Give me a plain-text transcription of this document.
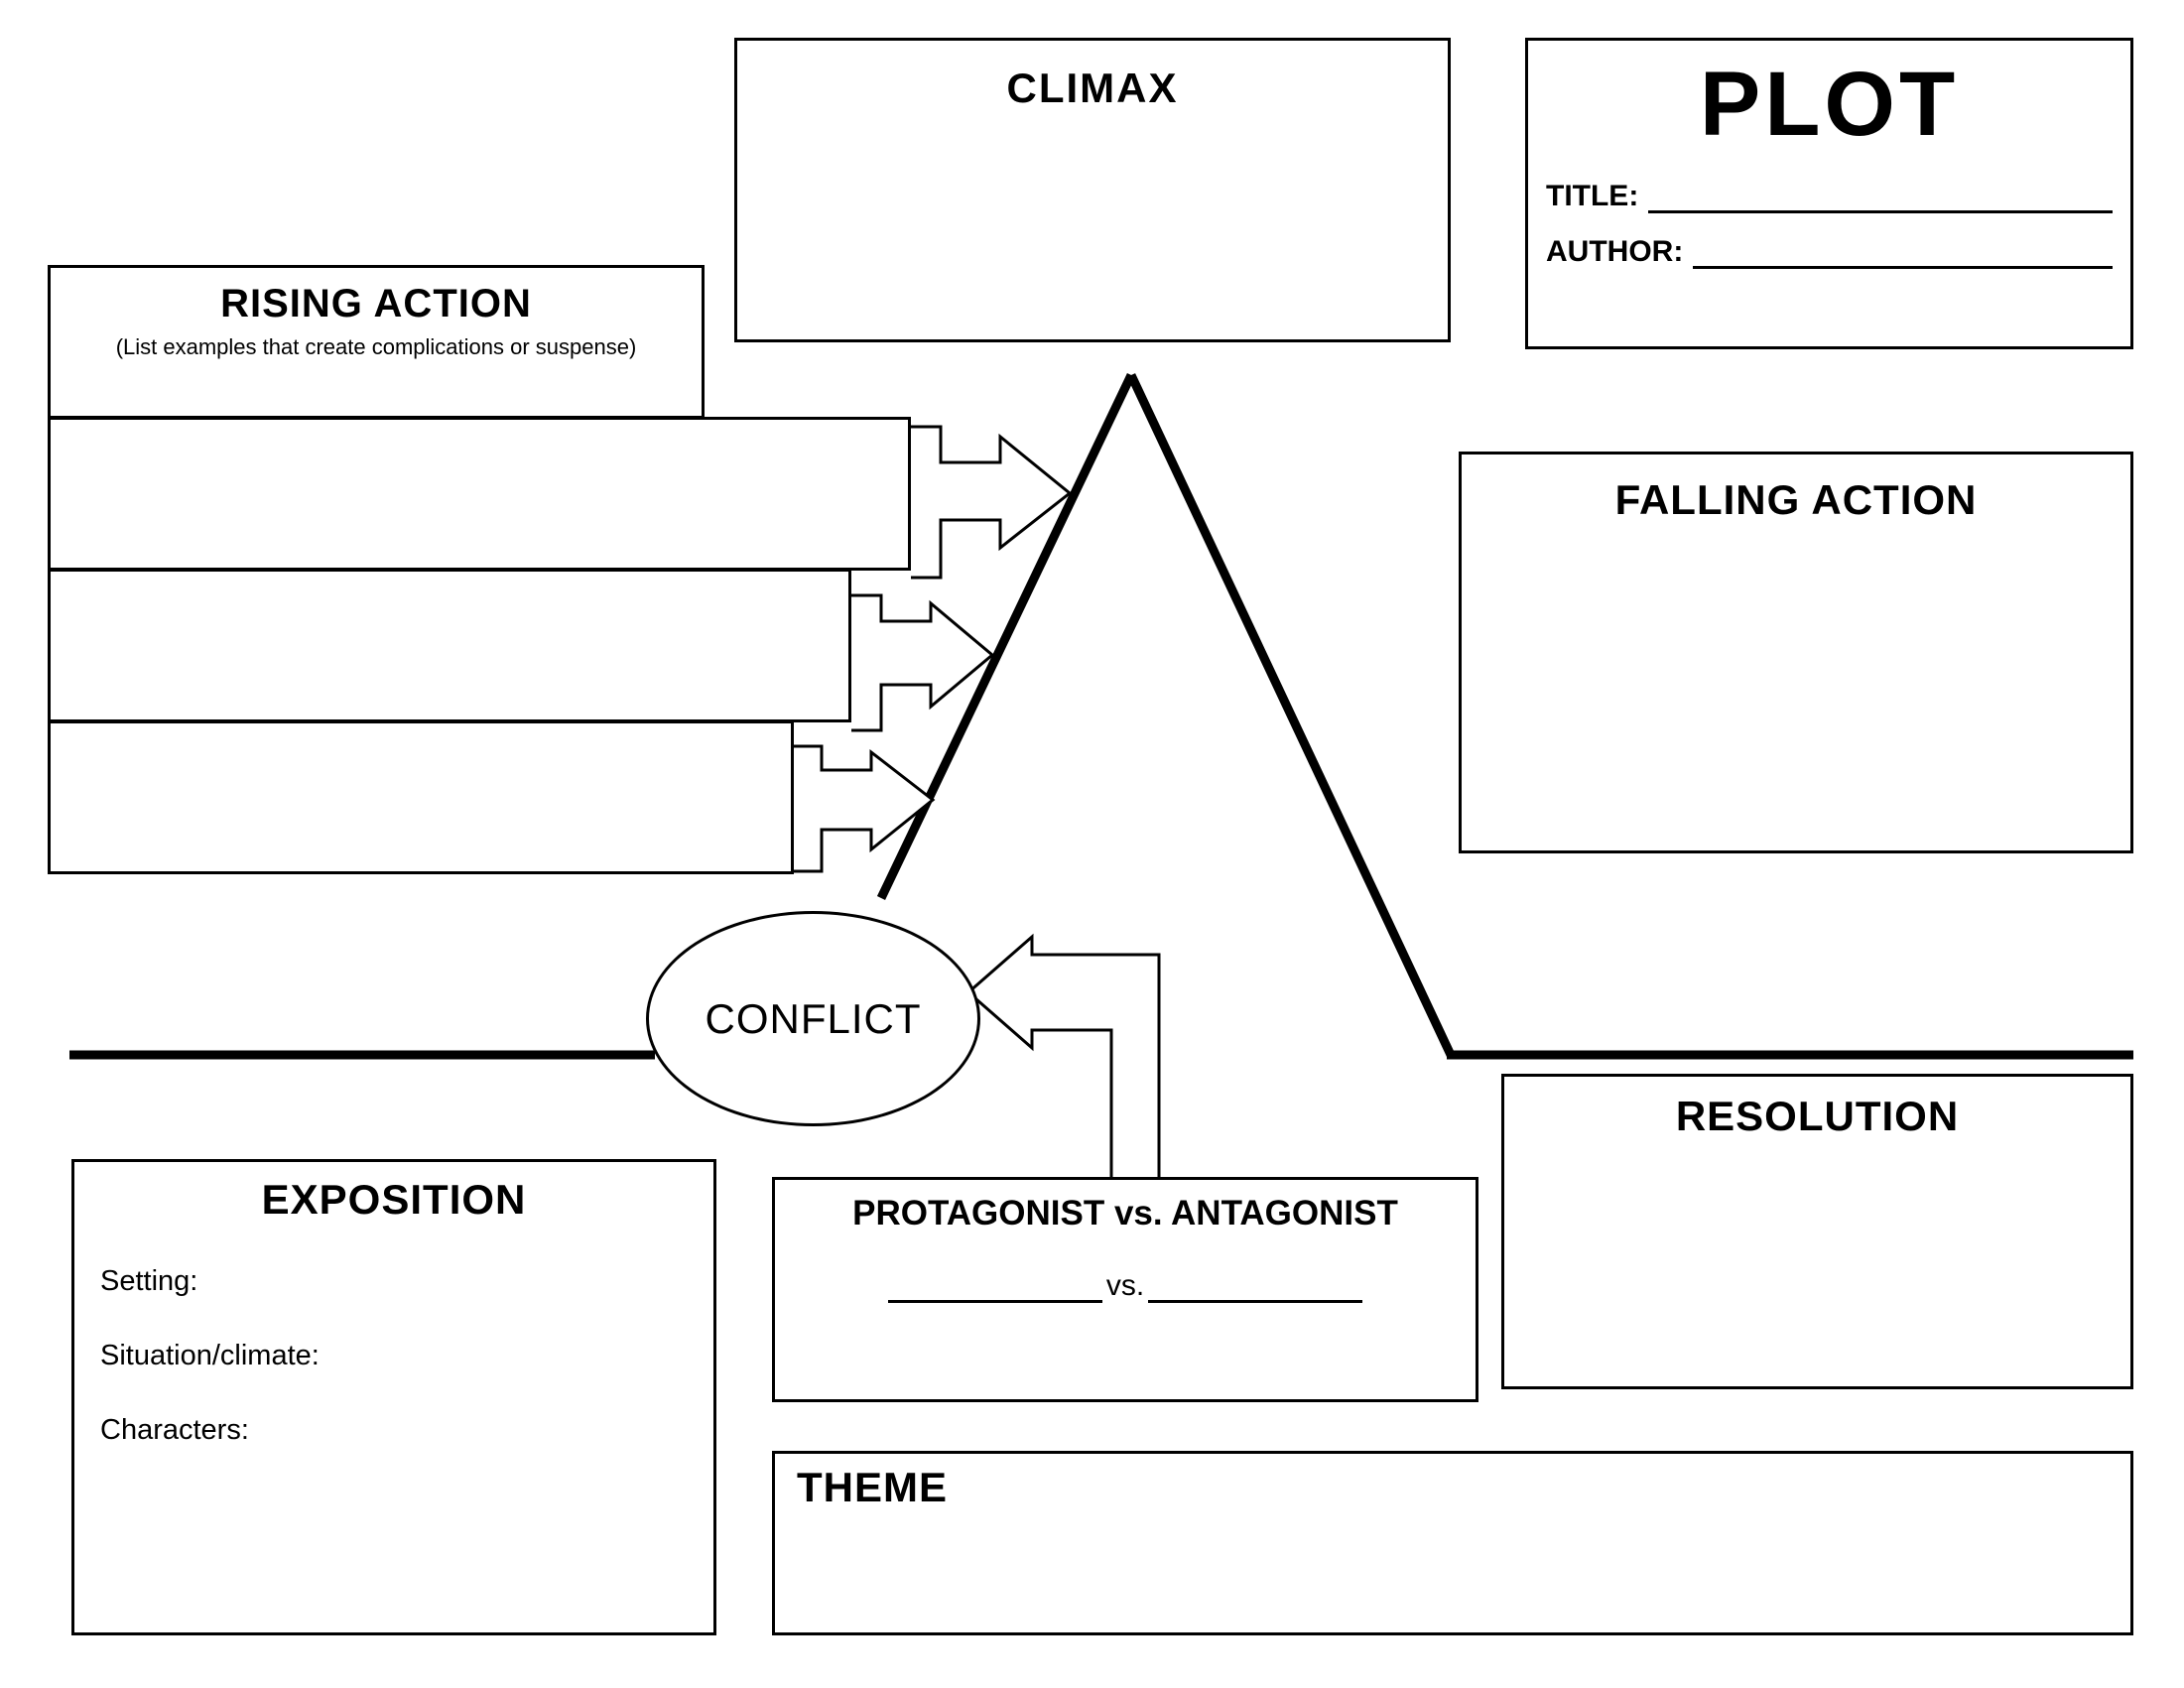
PLOT
TITLE:
AUTHOR:
CLIMAX
RISING ACTION
(List examples that create complications or suspense)
FALLING ACTION
CONFLICT
EXPOSITION
Setting:
Situation/climate:
Characters:
PROTAGONIST vs. ANTAGONIST
vs.
RESOLUTION
THEME
